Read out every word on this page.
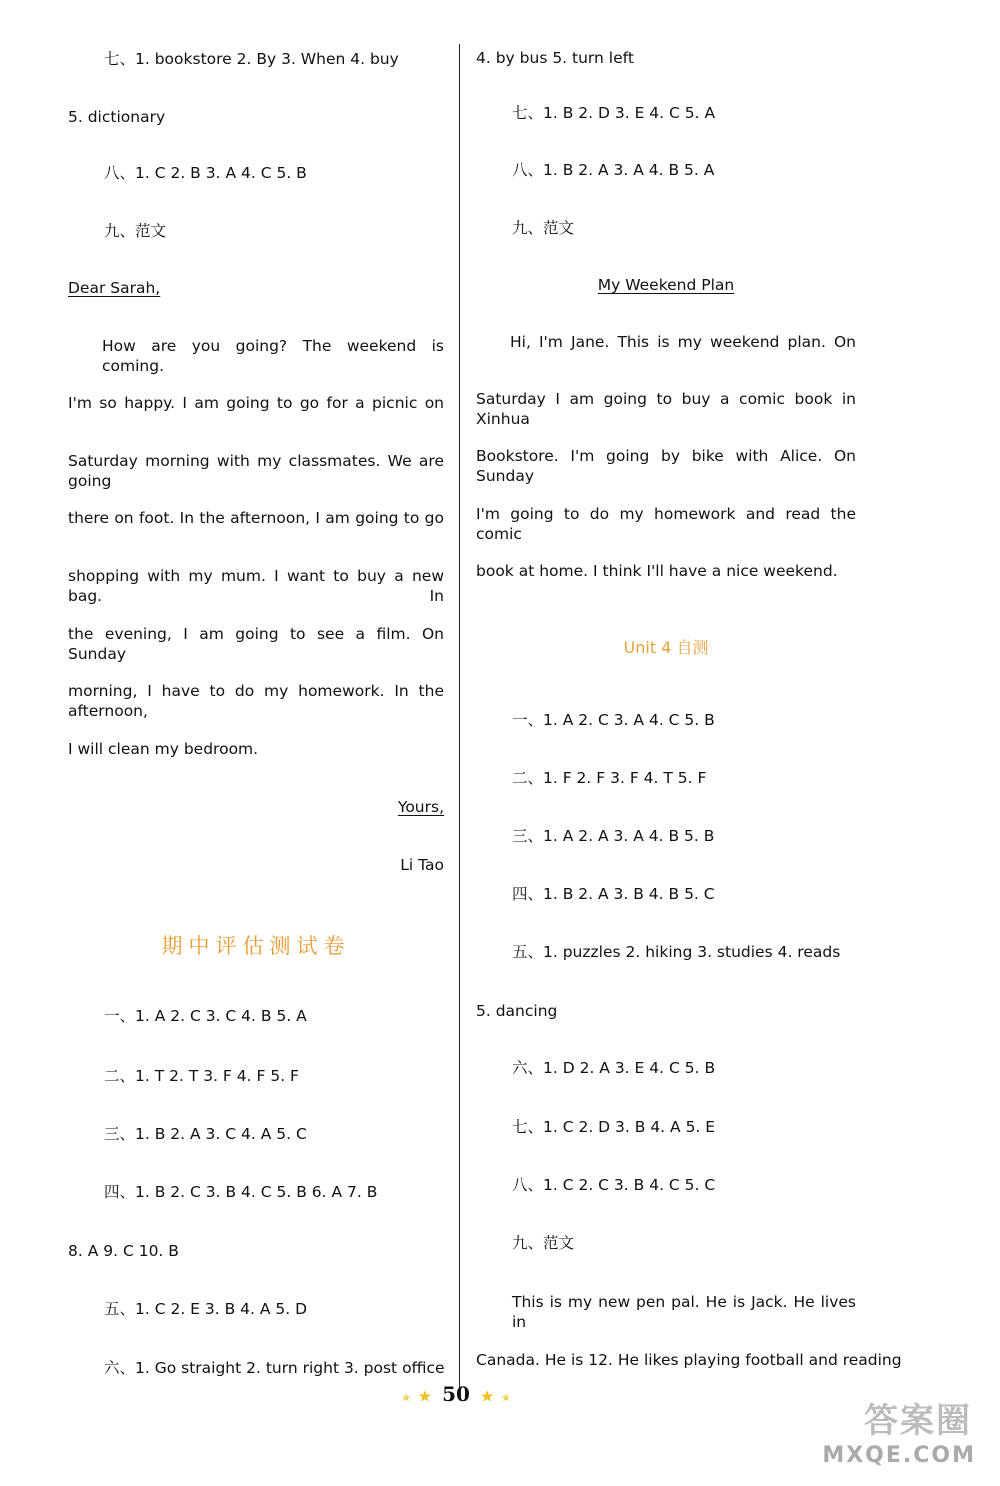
七、1. bookstore 2. By 3. When 4. buy
5. dictionary
八、1. C 2. B 3. A 4. C 5. B
九、范文
Dear Sarah,
How are you going? The weekend is coming.
I'm so happy. I am going to go for a picnic on
Saturday morning with my classmates. We are going
there on foot. In the afternoon, I am going to go
shopping with my mum. I want to buy a new bag. In
the evening, I am going to see a film. On Sunday
morning, I have to do my homework. In the afternoon,
I will clean my bedroom.
Yours,
Li Tao
期中评估测试卷
一、1. A 2. C 3. C 4. B 5. A
二、1. T 2. T 3. F 4. F 5. F
三、1. B 2. A 3. C 4. A 5. C
四、1. B 2. C 3. B 4. C 5. B 6. A 7. B
8. A 9. C 10. B
五、1. C 2. E 3. B 4. A 5. D
六、1. Go straight 2. turn right 3. post office
4. by bus 5. turn left
七、1. B 2. D 3. E 4. C 5. A
八、1. B 2. A 3. A 4. B 5. A
九、范文
My Weekend Plan
Hi, I'm Jane. This is my weekend plan. On
Saturday I am going to buy a comic book in Xinhua
Bookstore. I'm going by bike with Alice. On Sunday
I'm going to do my homework and read the comic
book at home. I think I'll have a nice weekend.
Unit 4 自测
一、1. A 2. C 3. A 4. C 5. B
二、1. F 2. F 3. F 4. T 5. F
三、1. A 2. A 3. A 4. B 5. B
四、1. B 2. A 3. B 4. B 5. C
五、1. puzzles 2. hiking 3. studies 4. reads
5. dancing
六、1. D 2. A 3. E 4. C 5. B
七、1. C 2. D 3. B 4. A 5. E
八、1. C 2. C 3. B 4. C 5. C
九、范文
This is my new pen pal. He is Jack. He lives in
Canada. He is 12. He likes playing football and reading
★ ★ 50 ★ ★
答案圈
MXQE.COM
